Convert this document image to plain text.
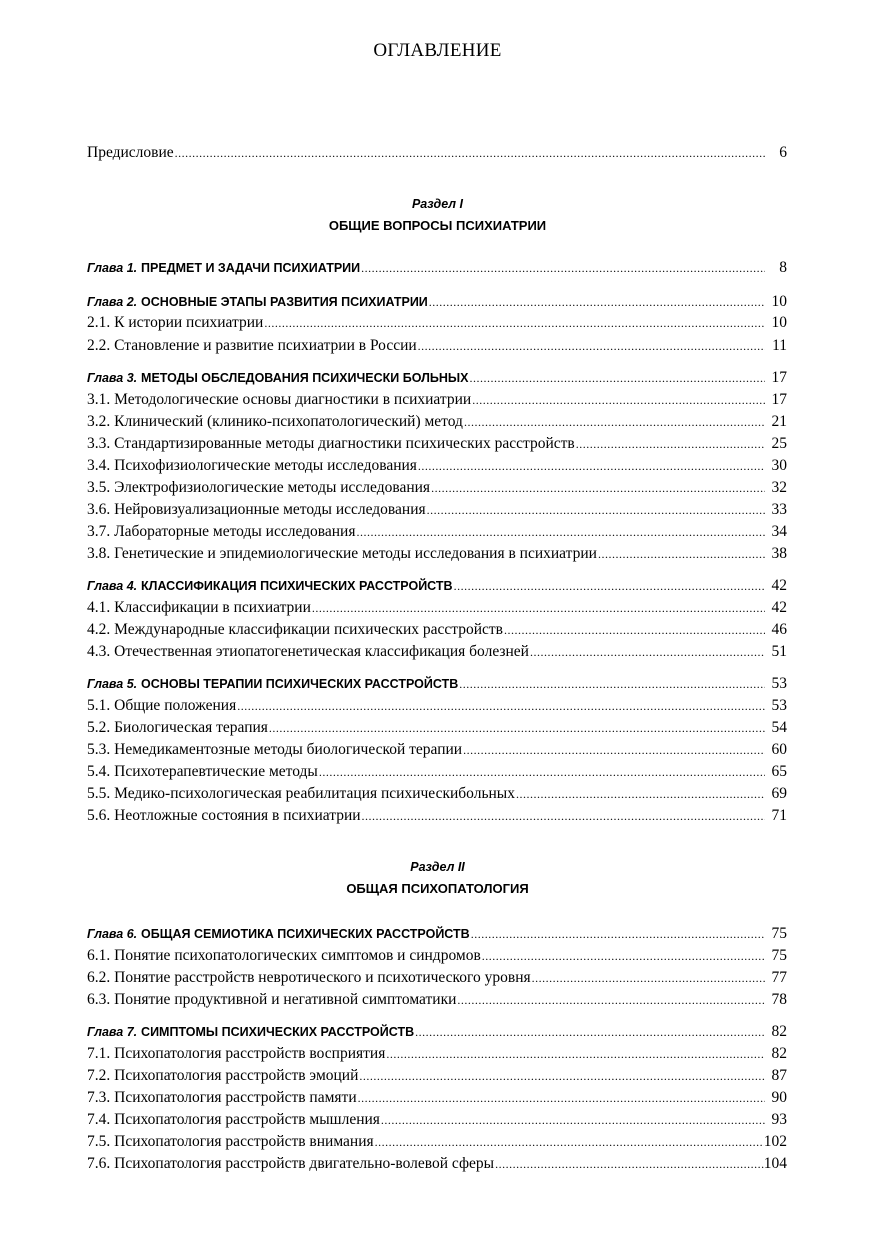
ОГЛАВЛЕНИЕ
Предисловие .....	6
Раздел I
ОБЩИЕ ВОПРОСЫ ПСИХИАТРИИ
Глава 1. ПРЕДМЕТ И ЗАДАЧИ ПСИХИАТРИИ .....	8
Глава 2. ОСНОВНЫЕ ЭТАПЫ РАЗВИТИЯ ПСИХИАТРИИ .....	10
2.1. К истории психиатрии .....	10
2.2. Становление и развитие психиатрии в России .....	11
Глава 3. МЕТОДЫ ОБСЛЕДОВАНИЯ ПСИХИЧЕСКИ БОЛЬНЫХ .....	17
3.1. Методологические основы диагностики в психиатрии .....	17
3.2. Клинический (клинико-психопатологический) метод .....	21
3.3. Стандартизированные методы диагностики психических расстройств .....	25
3.4. Психофизиологические методы исследования .....	30
3.5. Электрофизиологические методы исследования .....	32
3.6. Нейровизуализационные методы исследования .....	33
3.7. Лабораторные методы исследования .....	34
3.8. Генетические и эпидемиологические методы исследования в психиатрии .....	38
Глава 4. КЛАССИФИКАЦИЯ ПСИХИЧЕСКИХ РАССТРОЙСТВ .....	42
4.1. Классификации в психиатрии .....	42
4.2. Международные классификации психических расстройств .....	46
4.3. Отечественная этиопатогенетическая классификация болезней .....	51
Глава 5. ОСНОВЫ ТЕРАПИИ ПСИХИЧЕСКИХ РАССТРОЙСТВ .....	53
5.1. Общие положения .....	53
5.2. Биологическая терапия .....	54
5.3. Немедикаментозные методы биологической терапии .....	60
5.4. Психотерапевтические методы .....	65
5.5. Медико-психологическая реабилитация психическибольных .....	69
5.6. Неотложные состояния в психиатрии .....	71
Раздел II
ОБЩАЯ ПСИХОПАТОЛОГИЯ
Глава 6. ОБЩАЯ СЕМИОТИКА ПСИХИЧЕСКИХ РАССТРОЙСТВ .....	75
6.1. Понятие психопатологических симптомов и синдромов .....	75
6.2. Понятие расстройств невротического и психотического уровня .....	77
6.3. Понятие продуктивной и негативной симптоматики .....	78
Глава 7. СИМПТОМЫ ПСИХИЧЕСКИХ РАССТРОЙСТВ .....	82
7.1. Психопатология расстройств восприятия .....	82
7.2. Психопатология расстройств эмоций .....	87
7.3. Психопатология расстройств памяти .....	90
7.4. Психопатология расстройств мышления .....	93
7.5. Психопатология расстройств внимания .....	102
7.6. Психопатология расстройств двигательно-волевой сферы .....	104
